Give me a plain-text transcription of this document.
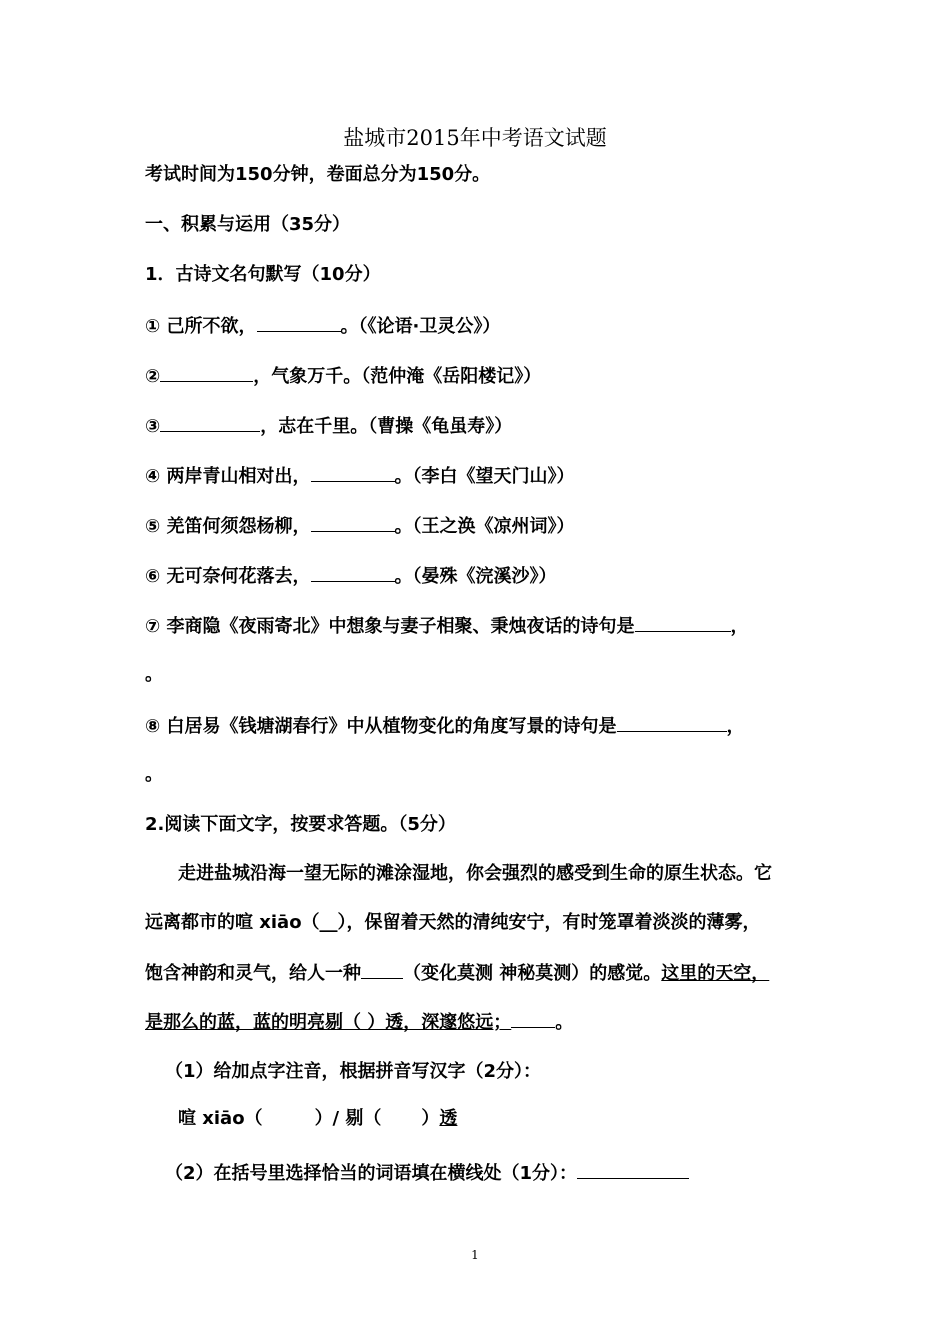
盐城市2015年中考语文试题
考试时间为150分钟，卷面总分为150分。
一、积累与运用（35分）
1．古诗文名句默写（10分）
① 己所不欲，	。（《论语·卫灵公》）
②	，气象万千。（范仲淹《岳阳楼记》）
③	，志在千里。（曹操《龟虽寿》）
④ 两岸青山相对出，	。（李白《望天门山》）
⑤ 羌笛何须怨杨柳，	。（王之涣《凉州词》）
⑥ 无可奈何花落去，	。（晏殊《浣溪沙》）
⑦ 李商隐《夜雨寄北》中想象与妻子相聚、秉烛夜话的诗句是	，
。
⑧ 白居易《钱塘湖春行》中从植物变化的角度写景的诗句是	，
。
2.阅读下面文字，按要求答题。（5分）
走进盐城沿海一望无际的滩涂湿地，你会强烈的感受到生命的原生状态。它
远离都市的喧 xiāo（__），保留着天然的清纯安宁，有时笼罩着淡淡的薄雾，
饱含神韵和灵气，给人一种 （变化莫测 神秘莫测）的感觉。这里的天空，
是那么的蓝，蓝的明亮剔（ ）透，深邃悠远； 。
（1）给加点字注音，根据拼音写汉字（2分）：
喧 xiāo（	）/ 剔（ ）透
（2）在括号里选择恰当的词语填在横线处（1分）：
1
